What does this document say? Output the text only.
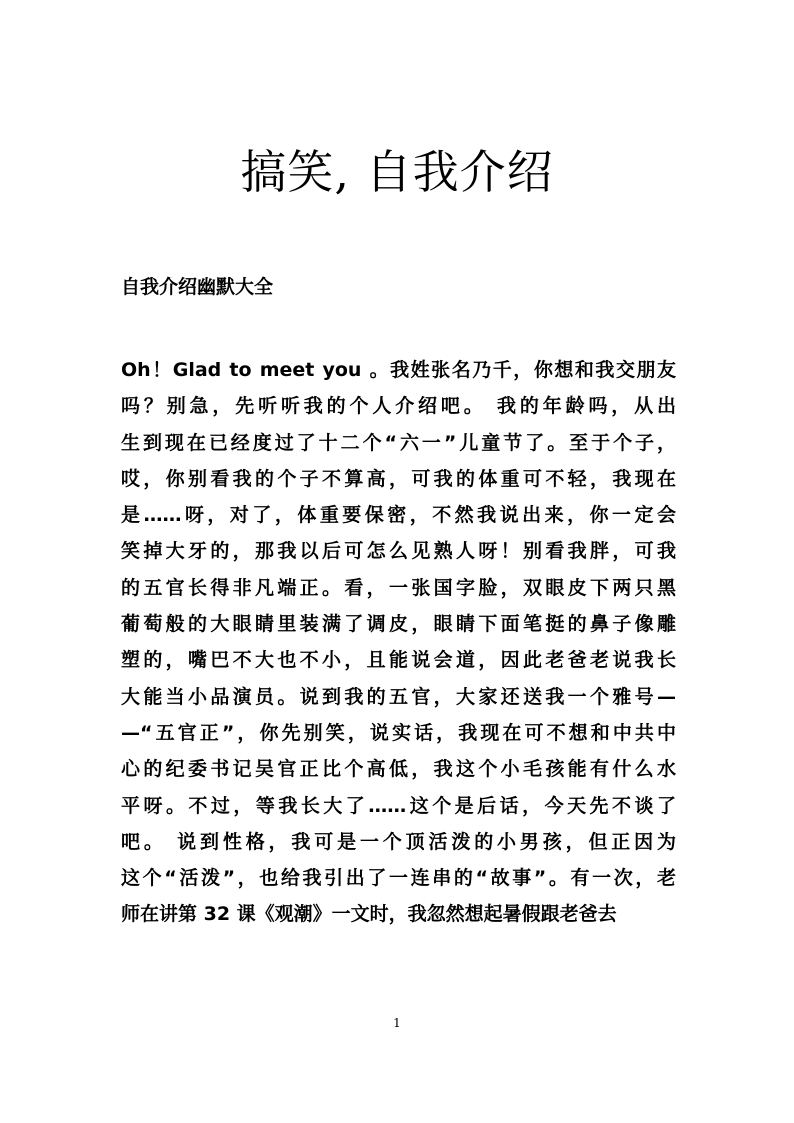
搞笑, 自我介绍
自我介绍幽默大全
Oh！Glad to meet you 。我姓张名乃千，你想和我交朋友
吗？别急，先听听我的个人介绍吧。 我的年龄吗，从出
生到现在已经度过了十二个“六一”儿童节了。至于个子，
哎，你别看我的个子不算高，可我的体重可不轻，我现在
是……呀，对了，体重要保密，不然我说出来，你一定会
笑掉大牙的，那我以后可怎么见熟人呀！别看我胖，可我
的五官长得非凡端正。看，一张国字脸，双眼皮下两只黑
葡萄般的大眼睛里装满了调皮，眼睛下面笔挺的鼻子像雕
塑的，嘴巴不大也不小，且能说会道，因此老爸老说我长
大能当小品演员。说到我的五官，大家还送我一个雅号—
—“五官正”，你先别笑，说实话，我现在可不想和中共中
心的纪委书记吴官正比个高低，我这个小毛孩能有什么水
平呀。不过，等我长大了……这个是后话，今天先不谈了
吧。 说到性格，我可是一个顶活泼的小男孩，但正因为
这个“活泼”，也给我引出了一连串的“故事”。有一次，老
师在讲第 32 课《观潮》一文时，我忽然想起暑假跟老爸去
1
